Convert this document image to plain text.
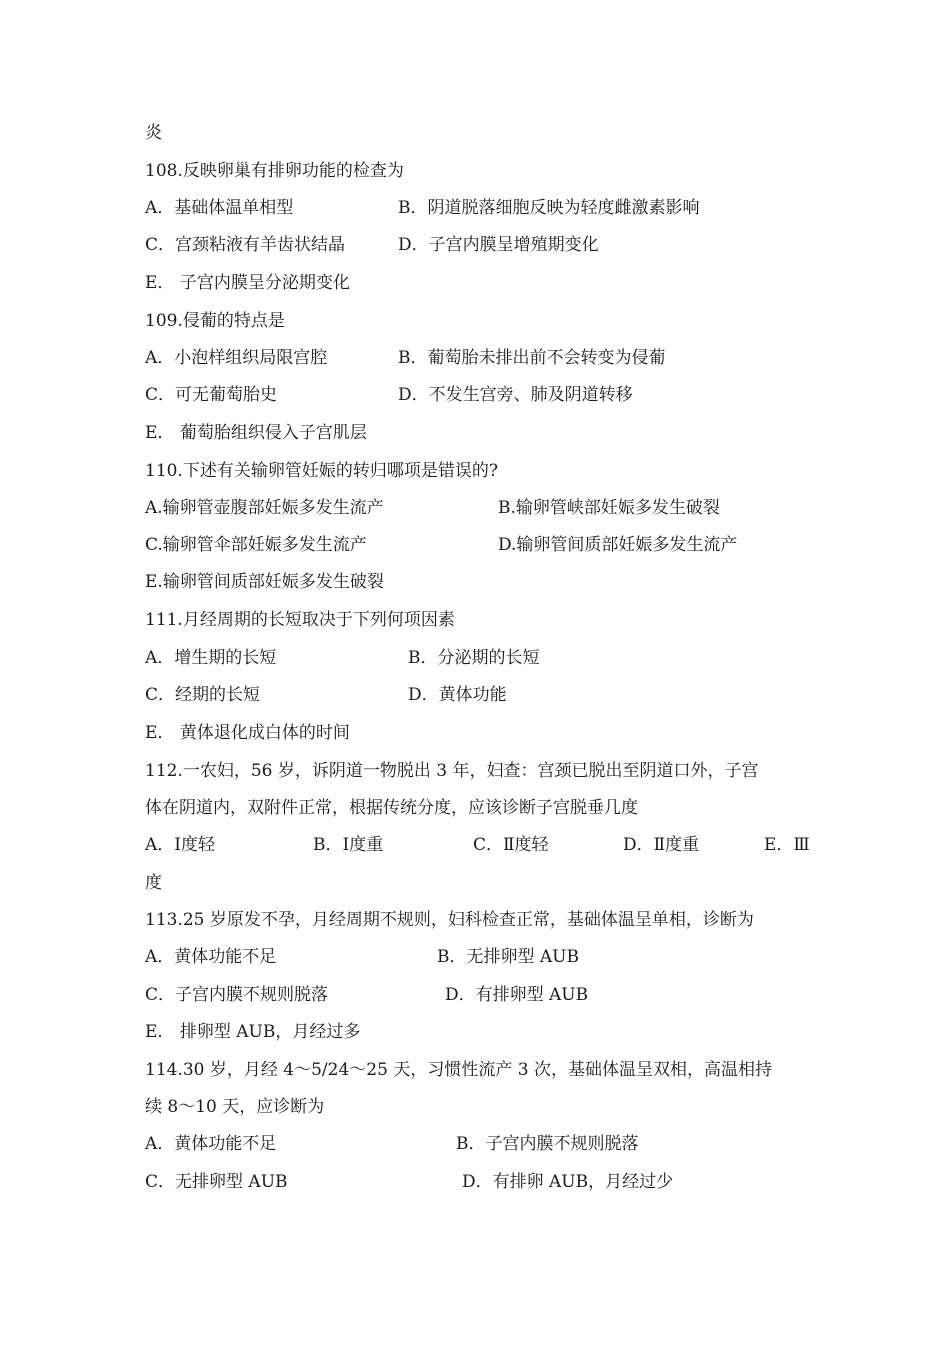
炎

108.反映卵巢有排卵功能的检查为

A．基础体温单相型	B．阴道脱落细胞反映为轻度雌激素影响
C．宫颈粘液有羊齿状结晶	D．子宫内膜呈增殖期变化
E． 子宫内膜呈分泌期变化

109.侵葡的特点是

A．小泡样组织局限宫腔	B．葡萄胎未排出前不会转变为侵葡
C．可无葡萄胎史	D．不发生宫旁、肺及阴道转移
E． 葡萄胎组织侵入子宫肌层

110.下述有关输卵管妊娠的转归哪项是错误的?

A.输卵管壶腹部妊娠多发生流产	B.输卵管峡部妊娠多发生破裂
C.输卵管伞部妊娠多发生流产	D.输卵管间质部妊娠多发生流产
E.输卵管间质部妊娠多发生破裂

111.月经周期的长短取决于下列何项因素

A．增生期的长短	B．分泌期的长短
C．经期的长短	D．黄体功能
E． 黄体退化成白体的时间

112.一农妇，56 岁，诉阴道一物脱出 3 年，妇查：宫颈已脱出至阴道口外，子宫

体在阴道内，双附件正常，根据传统分度，应该诊断子宫脱垂几度

A．Ⅰ度轻	B．Ⅰ度重	C．Ⅱ度轻	D．Ⅱ度重	E．Ⅲ
度

113.25 岁原发不孕，月经周期不规则，妇科检查正常，基础体温呈单相，诊断为

A．黄体功能不足	B．无排卵型 AUB
C．子宫内膜不规则脱落	D．有排卵型 AUB
E． 排卵型 AUB，月经过多

114.30 岁，月经 4～5/24～25 天，习惯性流产 3 次，基础体温呈双相，高温相持

续 8～10 天，应诊断为

A．黄体功能不足	B．子宫内膜不规则脱落
C．无排卵型 AUB	D．有排卵 AUB，月经过少
